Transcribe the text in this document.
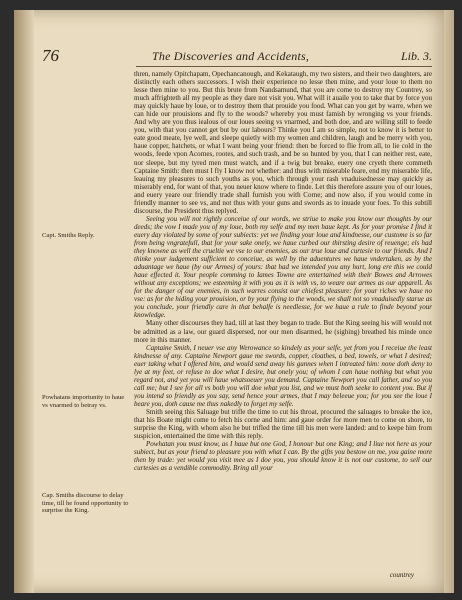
76	The Discoveries and Accidents,	Lib. 3.
Capt. Smiths Reply.
Powhatans importunity to haue vs vnarmed to betray vs.
Cap. Smiths discourse to delay time, till he found opportunity to surprise the King.

thren, namely Opitchapam, Opechancanough, and Kekataugh, my two sisters, and their two daughters, are distinctly each others successors. I wish their experience no lesse then mine, and your loue to them no lesse then mine to you. But this brute from Nandsamund, that you are come to destroy my Countrey, so much affrighteth all my people as they dare not visit you. What will it auaile you to take that by force you may quickly haue by loue, or to destroy them that prouide you food. What can you get by warre, when we can hide our prouisions and fly to the woods? whereby you must famish by wronging vs your friends. And why are you thus iealous of our loues seeing vs vnarmed, and both doe, and are willing still to feede you, with that you cannot get but by our labours? Thinke you I am so simple, not to know it is better to eate good meate, lye well, and sleepe quietly with my women and children, laugh and be merry with you, haue copper, hatchets, or what I want being your friend: then be forced to flie from all, to lie cold in the woods, feede vpon Acornes, rootes, and such trash, and be so hunted by you, that I can neither rest, eate, nor sleepe, but my tyred men must watch, and if a twig but breake, euery one cryeth there commeth Captaine Smith: then must I fly I know not whether: and thus with miserable feare, end my miserable life, leauing my pleasures to such youths as you, which through your rash vnaduisednesse may quickly as miserably end, for want of that, you neuer know where to finde. Let this therefore assure you of our loues, and euery yeare our friendly trade shall furnish you with Corne; and now also, if you would come in friendly manner to see vs, and not thus with your guns and swords as to inuade your foes. To this subtill discourse, the President thus replyed.

Seeing you will not rightly conceiue of our words, we striue to make you know our thoughts by our deeds; the vow I made you of my loue, both my selfe and my men haue kept. As for your promise I find it euery day violated by some of your subiects: yet we finding your loue and kindnesse, our custome is so far from being vngratefull, that for your sake onely, we haue curbed our thirsting desire of reuenge; els had they knowne as well the crueltie we vse to our enemies, as our true loue and curtesie to our friends. And I thinke your iudgement sufficient to conceiue, as well by the aduentures we haue vndertaken, as by the aduantage we haue (by our Armes) of yours: that had we intended you any hurt, long ere this we could haue effected it. Your people comming to Iames Towne are entertained with their Bowes and Arrowes without any exceptions; we esteeming it with you as it is with vs, to weare our armes as our apparell. As for the danger of our enemies, in such warres consist our chiefest pleasure: for your riches we haue no vse: as for the hiding your prouision, or by your flying to the woods, we shall not so vnaduisedly starue as you conclude, your friendly care in that behalfe is needlesse, for we haue a rule to finde beyond your knowledge.

Many other discourses they had, till at last they began to trade. But the King seeing his will would not be admitted as a law, our guard dispersed, nor our men disarmed, he (sighing) breathed his minde once more in this manner.

Captaine Smith, I neuer vse any Werowance so kindely as your selfe, yet from you I receiue the least kindnesse of any. Captaine Newport gaue me swords, copper, cloathes, a bed, towels, or what I desired; euer taking what I offered him, and would send away his gunnes when I intreated him: none doth deny to lye at my feet, or refuse to doe what I desire, but onely you; of whom I can haue nothing but what you regard not, and yet you will haue whatsoeuer you demand. Captaine Newport you call father, and so you call me; but I see for all vs both you will doe what you list, and we must both seeke to content you. But if you intend so friendly as you say, send hence your armes, that I may beleeue you; for you see the loue I beare you, doth cause me thus nakedly to forget my selfe.

Smith seeing this Saluage but trifle the time to cut his throat, procured the saluages to breake the ice, that his Boate might come to fetch his corne and him: and gaue order for more men to come on shore, to surprise the King, with whom also he but trifled the time till his men were landed: and to keepe him from suspicion, entertained the time with this reply.

Powhatan you must know, as I haue but one God, I honour but one King; and I liue not here as your subiect, but as your friend to pleasure you with what I can. By the gifts you bestow on me, you gaine more then by trade: yet would you visit mee as I doe you, you should know it is not our custome, to sell our curtesies as a vendible commodity. Bring all your

countrey
